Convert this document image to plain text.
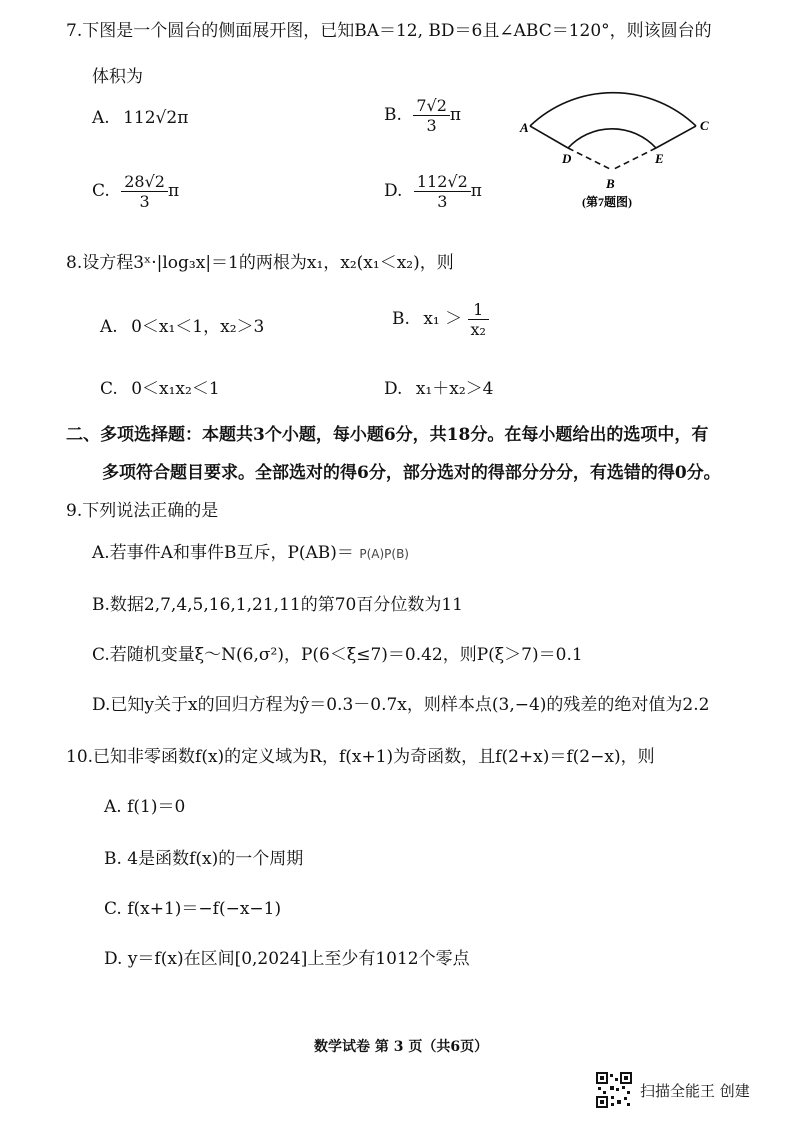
7.下图是一个圆台的侧面展开图，已知BA＝12, BD＝6且∠ABC＝120°，则该圆台的
体积为
A. 112√2π	B. $\frac{7√2}{3}$ π
C. $\frac{28√2}{3}$ π	D. $\frac{112√2}{3}$ π
A	C
D	E
B
(第7题图)
8.设方程3ˣ·|log₃x|＝1的两根为x₁，x₂(x₁＜x₂)，则
A. 0＜x₁＜1，x₂＞3	B. $x_1 > \frac{1}{\text{x₂}}$
C. 0＜x₁x₂＜1	D. x₁＋x₂＞4
二、多项选择题：本题共3个小题，每小题6分，共18分。在每小题给出的选项中，有
多项符合题目要求。全部选对的得6分，部分选对的得部分分分，有选错的得0分。
9.下列说法正确的是
A.若事件A和事件B互斥，P(AB)＝ P(A)P(B)
B.数据2,7,4,5,16,1,21,11的第70百分位数为11
C.若随机变量ξ～N(6,σ²)，P(6＜ξ≤7)＝0.42，则P(ξ＞7)＝0.1
D.已知y关于x的回归方程为ŷ＝0.3－0.7x，则样本点(3,−4)的残差的绝对值为2.2
10.已知非零函数f(x)的定义域为R，f(x+1)为奇函数，且f(2+x)＝f(2−x)，则
A. f(1)＝0
B. 4是函数f(x)的一个周期
C. f(x+1)＝−f(−x−1)
D. y＝f(x)在区间[0,2024]上至少有1012个零点
数学试卷 第 3 页（共6页）
扫描全能王 创建
